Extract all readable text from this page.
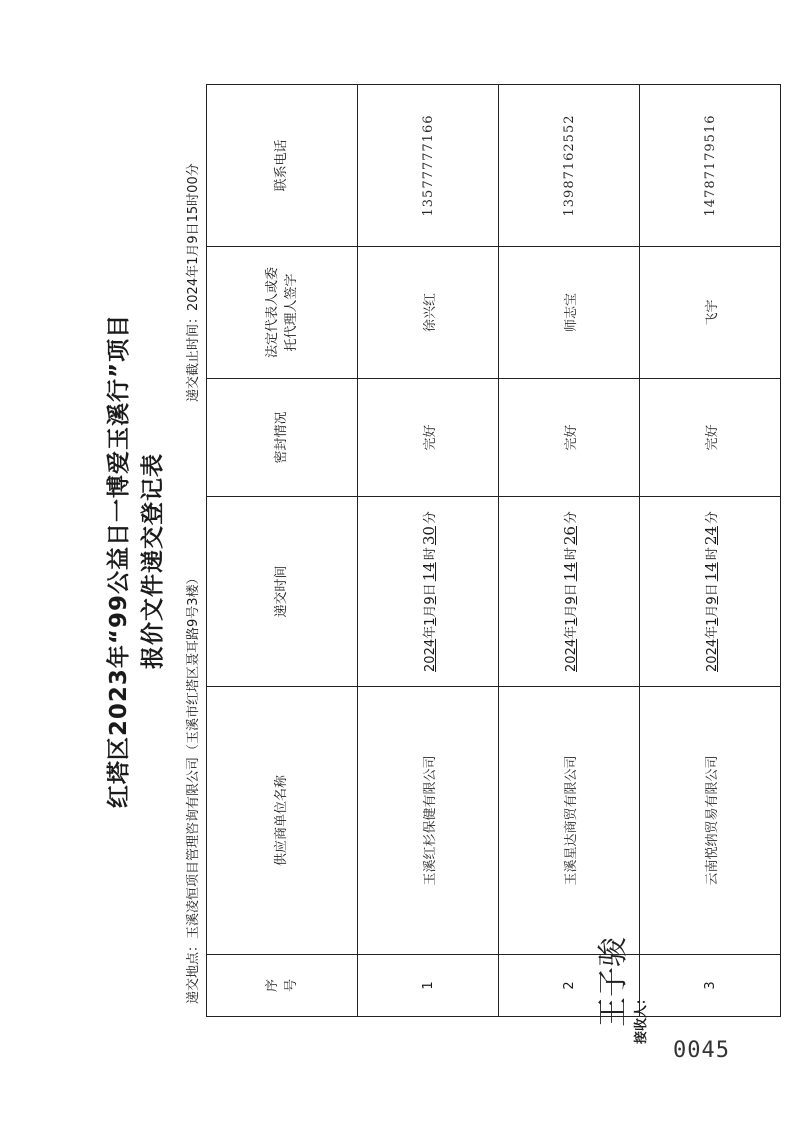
红塔区2023年“99公益日一博爱玉溪行”项目 报价文件递交登记表
递交地点：玉溪凌恒项目管理咨询有限公司（玉溪市红塔区聂耳路9号3楼）
递交截止时间：2024年1月9日15时00分
序号	供应商单位名称	递交时间	密封情况	法定代表人或委托代理人签字	联系电话
1	玉溪红杉保健有限公司	2024年1月9日14时30分	完好	徐兴红	13577777166
2	玉溪星达商贸有限公司	2024年1月9日14时26分	完好	师志宝	13987162552
3	云南悦纳贸易有限公司	2024年1月9日14时24分	完好	飞宇	14787179516
接收人：
王子骏
0045
